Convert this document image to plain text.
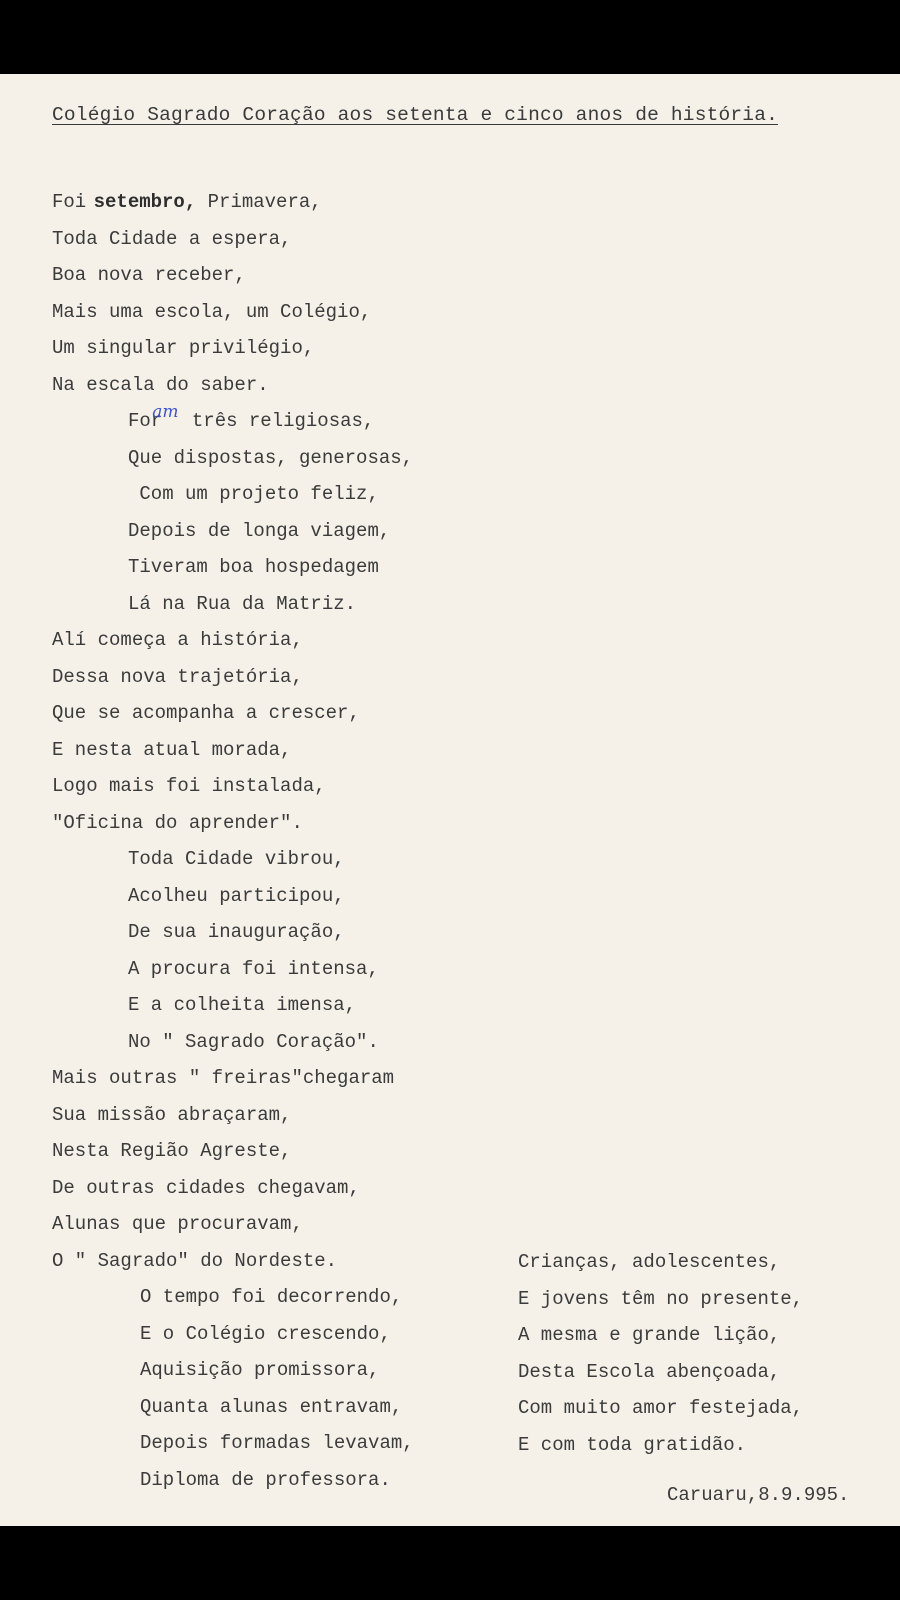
Colégio Sagrado Coração aos setenta e cinco anos de história.
Foi setembro, Primavera,
Toda Cidade a espera,
Boa nova receber,
Mais uma escola, um Colégio,
Um singular privilégio,
Na escala do saber.
Foram três religiosas,
Que dispostas, generosas,
Com um projeto feliz,
Depois de longa viagem,
Tiveram boa hospedagem
Lá na Rua da Matriz.
Alí começa a história,
Dessa nova trajetória,
Que se acompanha a crescer,
E nesta atual morada,
Logo mais foi instalada,
"Oficina do aprender".
Toda Cidade vibrou,
Acolheu participou,
De sua inauguração,
A procura foi intensa,
E a colheita imensa,
No " Sagrado Coração".
Mais outras " freiras"chegaram
Sua missão abraçaram,
Nesta Região Agreste,
De outras cidades chegavam,
Alunas que procuravam,
O " Sagrado" do Nordeste.
O tempo foi decorrendo,
E o Colégio crescendo,
Aquisição promissora,
Quanta alunas entravam,
Depois formadas levavam,
Diploma de professora.
Crianças, adolescentes,
E jovens têm no presente,
A mesma e grande lição,
Desta Escola abençoada,
Com muito amor festejada,
E com toda gratidão.
Caruaru,8.9.995.
